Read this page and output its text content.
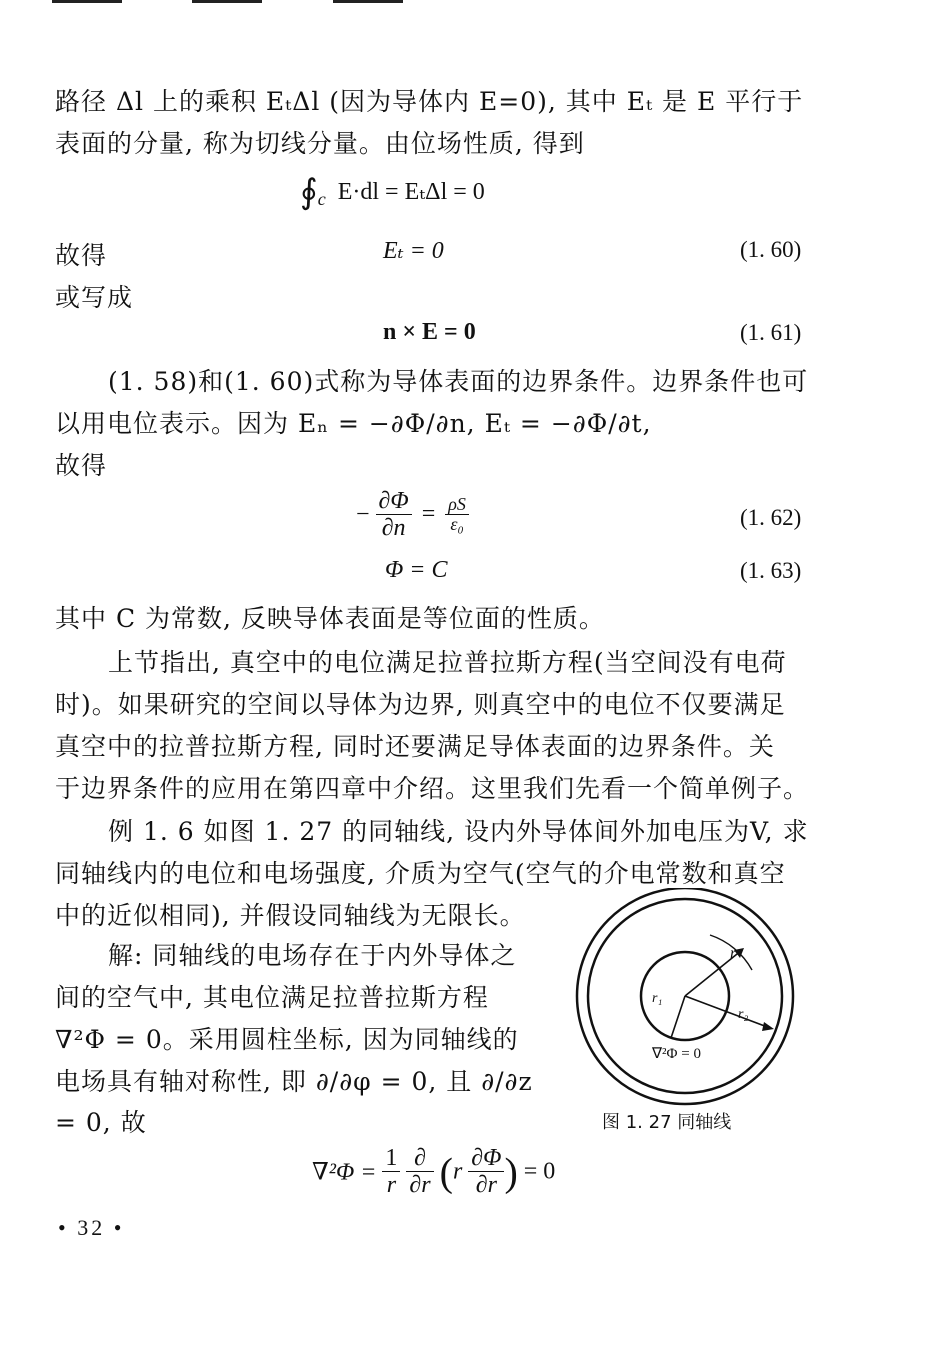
路径 Δl 上的乘积 EₜΔl (因为导体内 E=0), 其中 Eₜ 是 E 平行于
表面的分量, 称为切线分量。由位场性质, 得到
$∮_c$ E·dl = EₜΔl = 0
故得	Eₜ = 0	(1. 60)
或写成
n × E = 0	(1. 61)
(1. 58)和(1. 60)式称为导体表面的边界条件。边界条件也可
以用电位表示。因为 Eₙ = −∂Φ/∂n, Eₜ = −∂Φ/∂t,
故得
− $\frac{\partial\Phi}{\partial n} = \frac{\rho S}{\text{ε₀}}$	(1. 62)
Φ = C	(1. 63)
其中 C 为常数, 反映导体表面是等位面的性质。
上节指出, 真空中的电位满足拉普拉斯方程(当空间没有电荷
时)。如果研究的空间以导体为边界, 则真空中的电位不仅要满足
真空中的拉普拉斯方程, 同时还要满足导体表面的边界条件。关
于边界条件的应用在第四章中介绍。这里我们先看一个简单例子。
例 1. 6 如图 1. 27 的同轴线, 设内外导体间外加电压为V, 求
同轴线内的电位和电场强度, 介质为空气(空气的介电常数和真空
中的近似相同), 并假设同轴线为无限长。
解: 同轴线的电场存在于内外导体之
间的空气中, 其电位满足拉普拉斯方程
∇²Φ = 0。采用圆柱坐标, 因为同轴线的
电场具有轴对称性, 即 ∂/∂φ = 0, 且 ∂/∂z
= 0, 故
r
r₁
r₂
∇²Φ = 0
图 1. 27 同轴线
$\nabla^2\Phi = \frac{1}{r}$
$\frac{\partial}{\partial r} (r \frac{\partial\Phi}{\partial r}$ ) = 0
• 32 •
